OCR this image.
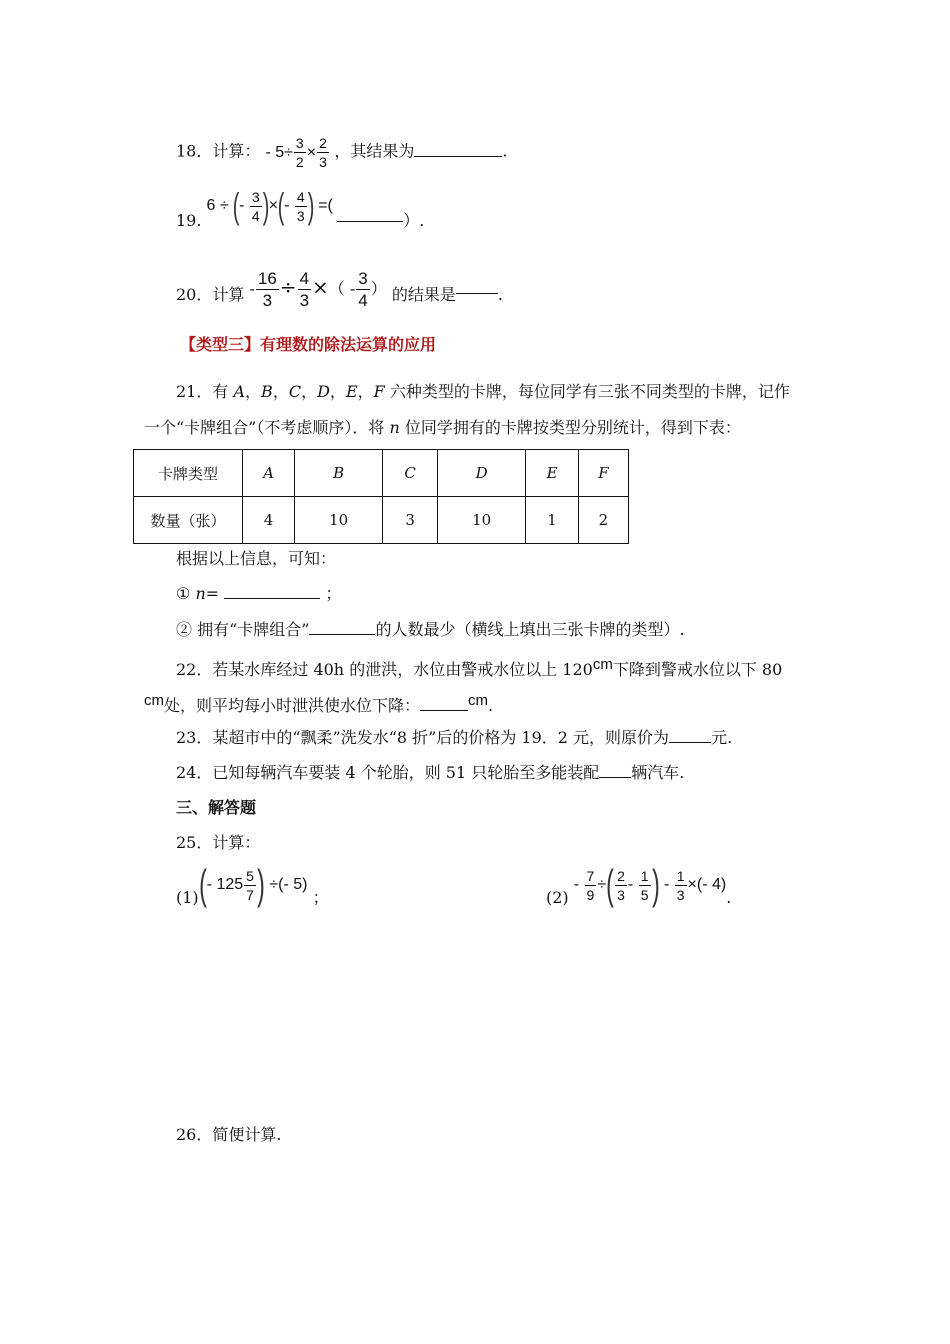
18．计算： - $5\div \frac{3}{2} \times \frac{2}{3}$ ，其结果为	.
19. 6 ÷ (- $\frac{3}{4}$ )×(- $\frac{4}{3}$ ) =( ）.
20．计算 - $\frac{16}{3} \div \frac{4}{3}$ ×（ - $\frac{3}{4}$ ） 的结果是	.
【类型三】有理数的除法运算的应用
21．有 A，B，C，D，E，F 六种类型的卡牌，每位同学有三张不同类型的卡牌，记作
一个“卡牌组合”（不考虑顺序）．将 n 位同学拥有的卡牌按类型分别统计，得到下表：
卡牌类型	A	B	C	D	E	F
数量（张）	4	10	3	10	1	2
根据以上信息，可知：
① n=	；
② 拥有“卡牌组合”	的人数最少（横线上填出三张卡牌的类型）.
22．若某水库经过 40h 的泄洪，水位由警戒水位以上 120cm下降到警戒水位以下 80
cm处，则平均每小时泄洪使水位下降：	cm.
23．某超市中的“飘柔”洗发水“8 折”后的价格为 19．2 元，则原价为	元.
24．已知每辆汽车要装 4 个轮胎，则 51 只轮胎至多能装配 辆汽车.
三、解答题
25．计算：
(1)(- $125 \frac{5}{7}$ ) ÷(- 5) ；	$(2) - \frac{7}{9}$ ÷( $\frac{2}{3} - \frac{1}{5}$ ) - $\frac{1}{3}$ ×(- 4).
26．简便计算.
